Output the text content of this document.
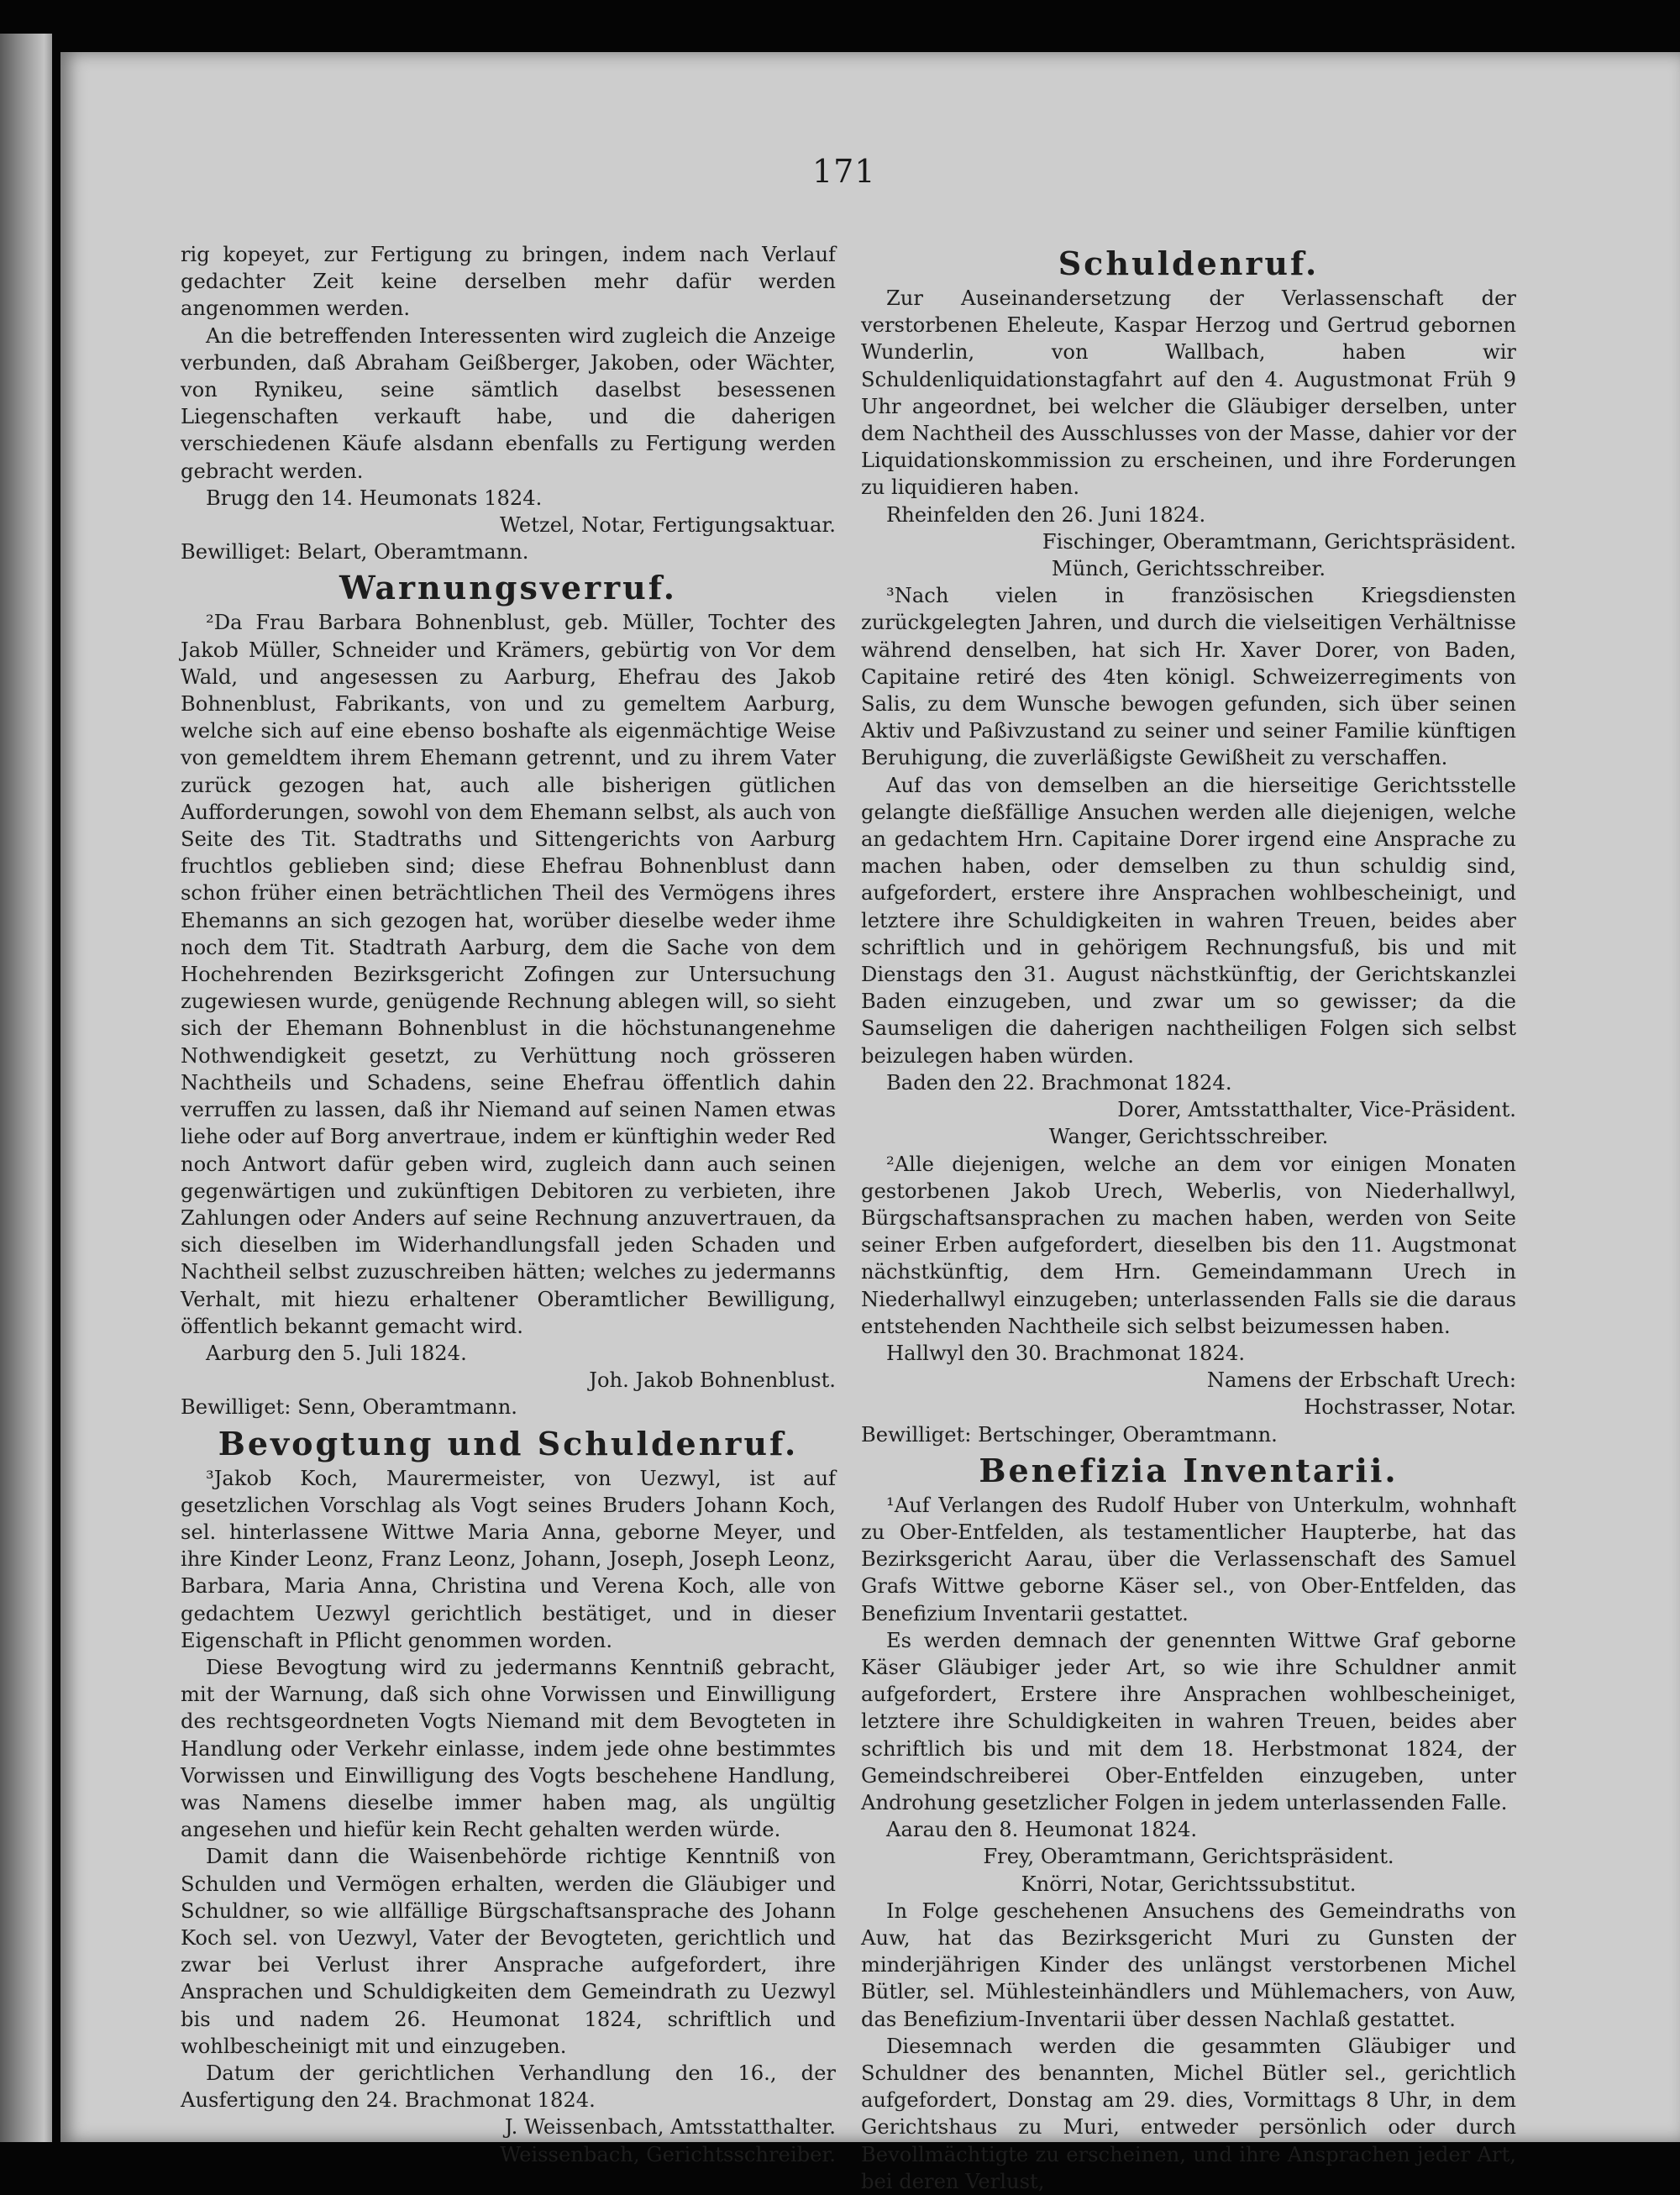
171

rig kopeyet, zur Fertigung zu bringen, indem nach Verlauf gedachter Zeit keine derselben mehr dafür werden angenommen werden.

An die betreffenden Interessenten wird zugleich die Anzeige verbunden, daß Abraham Geißberger, Jakoben, oder Wächter, von Rynikeu, seine sämtlich daselbst besessenen Liegenschaften verkauft habe, und die daherigen verschiedenen Käufe alsdann ebenfalls zu Fertigung werden gebracht werden.

Brugg den 14. Heumonats 1824.

Wetzel, Notar, Fertigungsaktuar.

Bewilliget: Belart, Oberamtmann.

Warnungsverruf.

²Da Frau Barbara Bohnenblust, geb. Müller, Tochter des Jakob Müller, Schneider und Krämers, gebürtig von Vor dem Wald, und angesessen zu Aarburg, Ehefrau des Jakob Bohnenblust, Fabrikants, von und zu gemeltem Aarburg, welche sich auf eine ebenso boshafte als eigenmächtige Weise von gemeldtem ihrem Ehemann getrennt, und zu ihrem Vater zurück gezogen hat, auch alle bisherigen gütlichen Aufforderungen, sowohl von dem Ehemann selbst, als auch von Seite des Tit. Stadtraths und Sittengerichts von Aarburg fruchtlos geblieben sind; diese Ehefrau Bohnenblust dann schon früher einen beträchtlichen Theil des Vermögens ihres Ehemanns an sich gezogen hat, worüber dieselbe weder ihme noch dem Tit. Stadtrath Aarburg, dem die Sache von dem Hochehrenden Bezirksgericht Zofingen zur Untersuchung zugewiesen wurde, genügende Rechnung ablegen will, so sieht sich der Ehemann Bohnenblust in die höchstunangenehme Nothwendigkeit gesetzt, zu Verhüttung noch grösseren Nachtheils und Schadens, seine Ehefrau öffentlich dahin verruffen zu lassen, daß ihr Niemand auf seinen Namen etwas liehe oder auf Borg anvertraue, indem er künftighin weder Red noch Antwort dafür geben wird, zugleich dann auch seinen gegenwärtigen und zukünftigen Debitoren zu verbieten, ihre Zahlungen oder Anders auf seine Rechnung anzuvertrauen, da sich dieselben im Widerhandlungsfall jeden Schaden und Nachtheil selbst zuzuschreiben hätten; welches zu jedermanns Verhalt, mit hiezu erhaltener Oberamtlicher Bewilligung, öffentlich bekannt gemacht wird.

Aarburg den 5. Juli 1824.

Joh. Jakob Bohnenblust.

Bewilliget: Senn, Oberamtmann.

Bevogtung und Schuldenruf.

³Jakob Koch, Maurermeister, von Uezwyl, ist auf gesetzlichen Vorschlag als Vogt seines Bruders Johann Koch, sel. hinterlassene Wittwe Maria Anna, geborne Meyer, und ihre Kinder Leonz, Franz Leonz, Johann, Joseph, Joseph Leonz, Barbara, Maria Anna, Christina und Verena Koch, alle von gedachtem Uezwyl gerichtlich bestätiget, und in dieser Eigenschaft in Pflicht genommen worden.

Diese Bevogtung wird zu jedermanns Kenntniß gebracht, mit der Warnung, daß sich ohne Vorwissen und Einwilligung des rechtsgeordneten Vogts Niemand mit dem Bevogteten in Handlung oder Verkehr einlasse, indem jede ohne bestimmtes Vorwissen und Einwilligung des Vogts beschehene Handlung, was Namens dieselbe immer haben mag, als ungültig angesehen und hiefür kein Recht gehalten werden würde.

Damit dann die Waisenbehörde richtige Kenntniß von Schulden und Vermögen erhalten, werden die Gläubiger und Schuldner, so wie allfällige Bürgschaftsansprache des Johann Koch sel. von Uezwyl, Vater der Bevogteten, gerichtlich und zwar bei Verlust ihrer Ansprache aufgefordert, ihre Ansprachen und Schuldigkeiten dem Gemeindrath zu Uezwyl bis und nadem 26. Heumonat 1824, schriftlich und wohlbescheinigt mit und einzugeben.

Datum der gerichtlichen Verhandlung den 16., der Ausfertigung den 24. Brachmonat 1824.

J. Weissenbach, Amtsstatthalter.

Weissenbach, Gerichtsschreiber.

Schuldenruf.

Zur Auseinandersetzung der Verlassenschaft der verstorbenen Eheleute, Kaspar Herzog und Gertrud gebornen Wunderlin, von Wallbach, haben wir Schuldenliquidationstagfahrt auf den 4. Augustmonat Früh 9 Uhr angeordnet, bei welcher die Gläubiger derselben, unter dem Nachtheil des Ausschlusses von der Masse, dahier vor der Liquidationskommission zu erscheinen, und ihre Forderungen zu liquidieren haben.

Rheinfelden den 26. Juni 1824.

Fischinger, Oberamtmann, Gerichtspräsident.

Münch, Gerichtsschreiber.

³Nach vielen in französischen Kriegsdiensten zurückgelegten Jahren, und durch die vielseitigen Verhältnisse während denselben, hat sich Hr. Xaver Dorer, von Baden, Capitaine retiré des 4ten königl. Schweizerregiments von Salis, zu dem Wunsche bewogen gefunden, sich über seinen Aktiv und Paßivzustand zu seiner und seiner Familie künftigen Beruhigung, die zuverläßigste Gewißheit zu verschaffen.

Auf das von demselben an die hierseitige Gerichtsstelle gelangte dießfällige Ansuchen werden alle diejenigen, welche an gedachtem Hrn. Capitaine Dorer irgend eine Ansprache zu machen haben, oder demselben zu thun schuldig sind, aufgefordert, erstere ihre Ansprachen wohlbescheinigt, und letztere ihre Schuldigkeiten in wahren Treuen, beides aber schriftlich und in gehörigem Rechnungsfuß, bis und mit Dienstags den 31. August nächstkünftig, der Gerichtskanzlei Baden einzugeben, und zwar um so gewisser; da die Saumseligen die daherigen nachtheiligen Folgen sich selbst beizulegen haben würden.

Baden den 22. Brachmonat 1824.

Dorer, Amtsstatthalter, Vice-Präsident.

Wanger, Gerichtsschreiber.

²Alle diejenigen, welche an dem vor einigen Monaten gestorbenen Jakob Urech, Weberlis, von Niederhallwyl, Bürgschaftsansprachen zu machen haben, werden von Seite seiner Erben aufgefordert, dieselben bis den 11. Augstmonat nächstkünftig, dem Hrn. Gemeindammann Urech in Niederhallwyl einzugeben; unterlassenden Falls sie die daraus entstehenden Nachtheile sich selbst beizumessen haben.

Hallwyl den 30. Brachmonat 1824.

Namens der Erbschaft Urech:

Hochstrasser, Notar.

Bewilliget: Bertschinger, Oberamtmann.

Benefizia Inventarii.

¹Auf Verlangen des Rudolf Huber von Unterkulm, wohnhaft zu Ober-Entfelden, als testamentlicher Haupterbe, hat das Bezirksgericht Aarau, über die Verlassenschaft des Samuel Grafs Wittwe geborne Käser sel., von Ober-Entfelden, das Benefizium Inventarii gestattet.

Es werden demnach der genennten Wittwe Graf geborne Käser Gläubiger jeder Art, so wie ihre Schuldner anmit aufgefordert, Erstere ihre Ansprachen wohlbescheiniget, letztere ihre Schuldigkeiten in wahren Treuen, beides aber schriftlich bis und mit dem 18. Herbstmonat 1824, der Gemeindschreiberei Ober-Entfelden einzugeben, unter Androhung gesetzlicher Folgen in jedem unterlassenden Falle.

Aarau den 8. Heumonat 1824.

Frey, Oberamtmann, Gerichtspräsident.

Knörri, Notar, Gerichtssubstitut.

In Folge geschehenen Ansuchens des Gemeindraths von Auw, hat das Bezirksgericht Muri zu Gunsten der minderjährigen Kinder des unlängst verstorbenen Michel Bütler, sel. Mühlesteinhändlers und Mühlemachers, von Auw, das Benefizium-Inventarii über dessen Nachlaß gestattet.

Diesemnach werden die gesammten Gläubiger und Schuldner des benannten, Michel Bütler sel., gerichtlich aufgefordert, Donstag am 29. dies, Vormittags 8 Uhr, in dem Gerichtshaus zu Muri, entweder persönlich oder durch Bevollmächtigte zu erscheinen, und ihre Ansprachen jeder Art, bei deren Verlust,
